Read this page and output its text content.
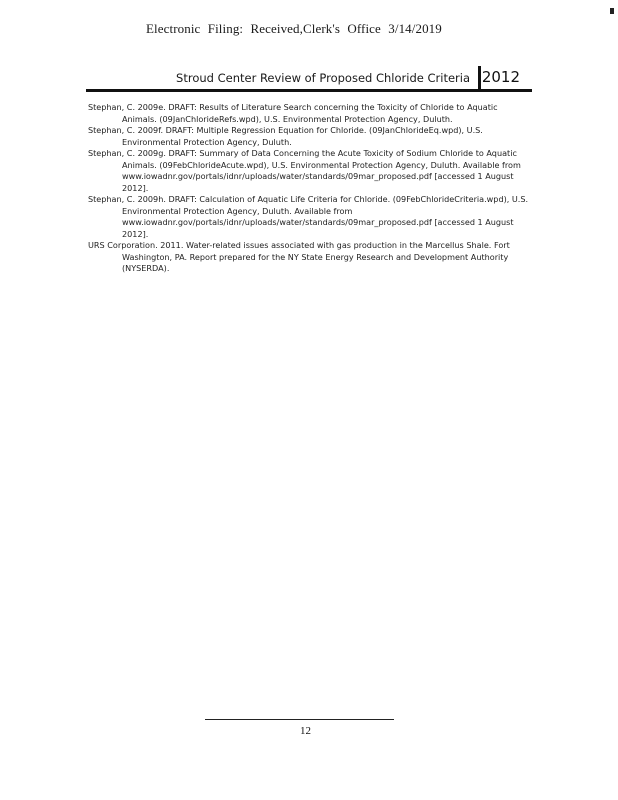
Electronic Filing: Received,Clerk's Office 3/14/2019
Stroud Center Review of Proposed Chloride Criteria 2012

Stephan, C. 2009e. DRAFT: Results of Literature Search concerning the Toxicity of Chloride to Aquatic Animals. (09JanChlorideRefs.wpd), U.S. Environmental Protection Agency, Duluth.

Stephan, C. 2009f. DRAFT: Multiple Regression Equation for Chloride. (09JanChlorideEq.wpd), U.S. Environmental Protection Agency, Duluth.

Stephan, C. 2009g. DRAFT: Summary of Data Concerning the Acute Toxicity of Sodium Chloride to Aquatic Animals. (09FebChlorideAcute.wpd), U.S. Environmental Protection Agency, Duluth. Available from www.iowadnr.gov/portals/idnr/uploads/water/standards/09mar_proposed.pdf [accessed 1 August 2012].

Stephan, C. 2009h. DRAFT: Calculation of Aquatic Life Criteria for Chloride. (09FebChlorideCriteria.wpd), U.S. Environmental Protection Agency, Duluth. Available from www.iowadnr.gov/portals/idnr/uploads/water/standards/09mar_proposed.pdf [accessed 1 August 2012].

URS Corporation. 2011. Water-related issues associated with gas production in the Marcellus Shale. Fort Washington, PA. Report prepared for the NY State Energy Research and Development Authority (NYSERDA).

12
